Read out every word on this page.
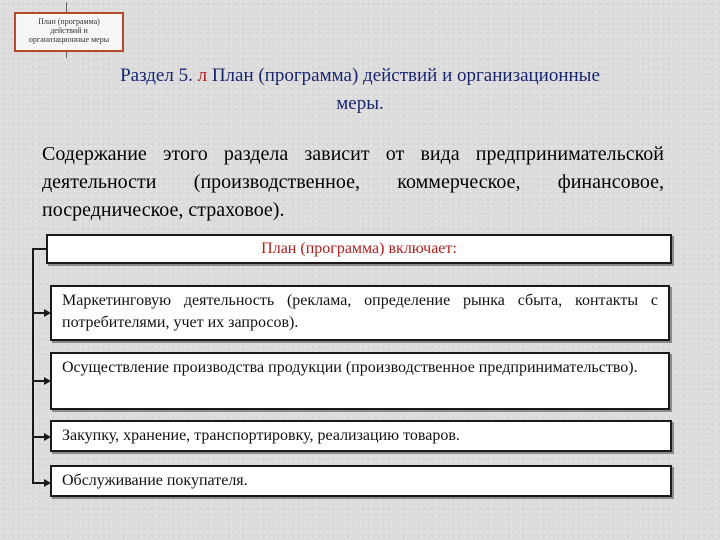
План (программа)
действий и
организационные меры
Раздел 5. л План (программа) действий и организационные меры.
Содержание этого раздела зависит от вида предпринимательской деятельности (производственное, коммерческое, финансовое, посредническое, страховое).
План (программа) включает:
Маркетинговую деятельность (реклама, определение рынка сбыта, контакты с потребителями, учет их запросов).
Осуществление производства продукции (производственное предпринимательство).
Закупку, хранение, транспортировку, реализацию товаров.
Обслуживание покупателя.
